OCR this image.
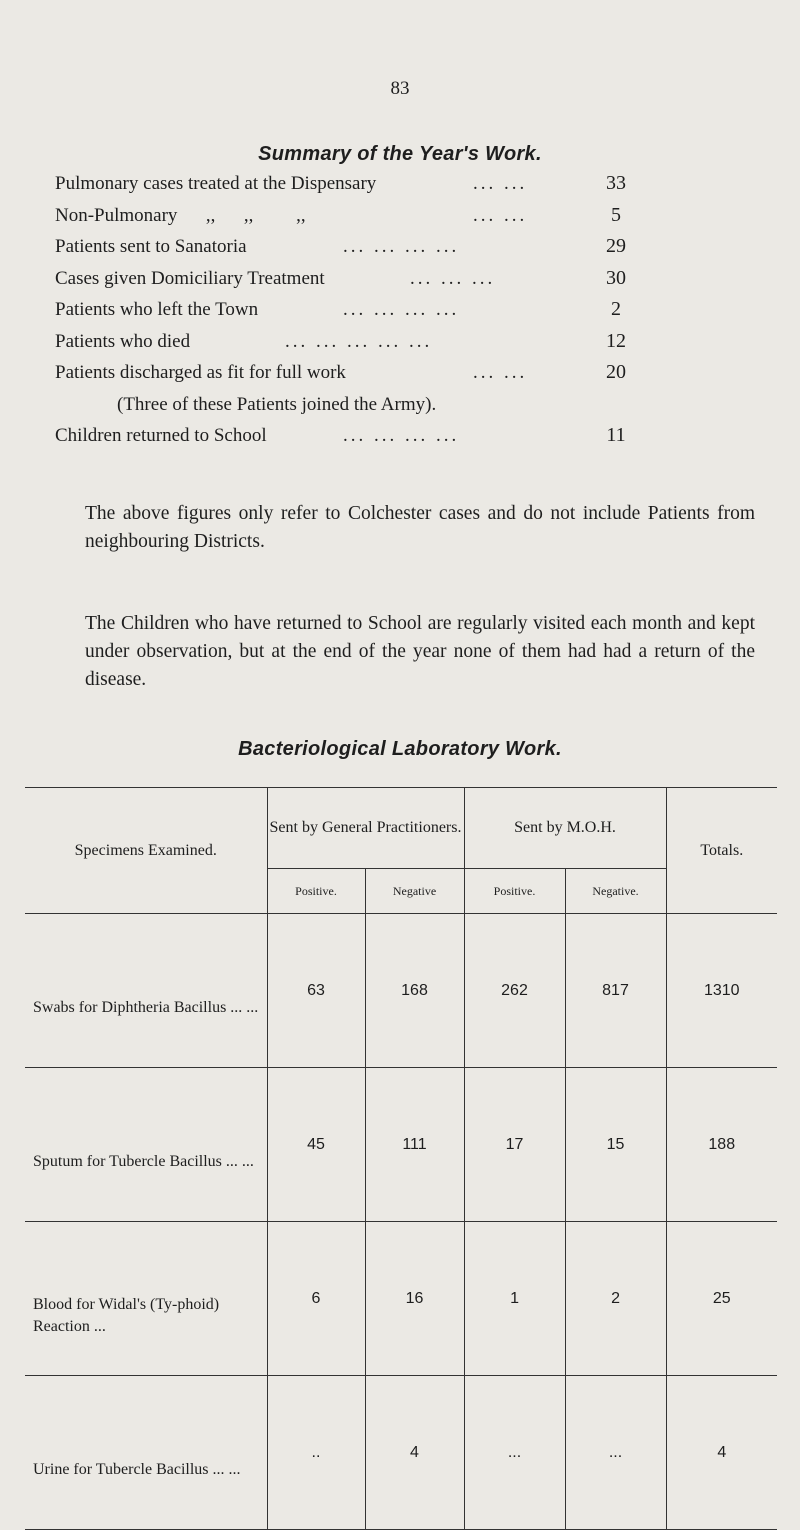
83
Summary of the Year's Work.
Pulmonary cases treated at the Dispensary	... ...	33
Non-Pulmonary      ,,      ,,         ,,	... ...	5
Patients sent to Sanatoria	... ... ... ...	29
Cases given Domiciliary Treatment	... ... ...	30
Patients who left the Town	... ... ... ...	2
Patients who died	... ... ... ... ...	12
Patients discharged as fit for full work	... ...	20
(Three of these Patients joined the Army).
Children returned to School	... ... ... ...	11
The above figures only refer to Colchester cases and do not include Patients from neighbouring Districts.
The Children who have returned to School are regularly visited each month and kept under observation, but at the end of the year none of them had had a return of the disease.
Bacteriological Laboratory Work.
Specimens Examined.	Sent by General Practitioners.		Sent by M.O.H.		Totals.
	Positive.	Negative	Positive.	Negative.	
Swabs for Diphtheria Bacillus ... ...	63	168	262	817	1310
Sputum for Tubercle Bacillus ... ...	45	111	17	15	188
Blood for Widal's (Ty-phoid) Reaction ...	6	16	1	2	25
Urine for Tubercle Bacillus ... ...	..	4	...	...	4
